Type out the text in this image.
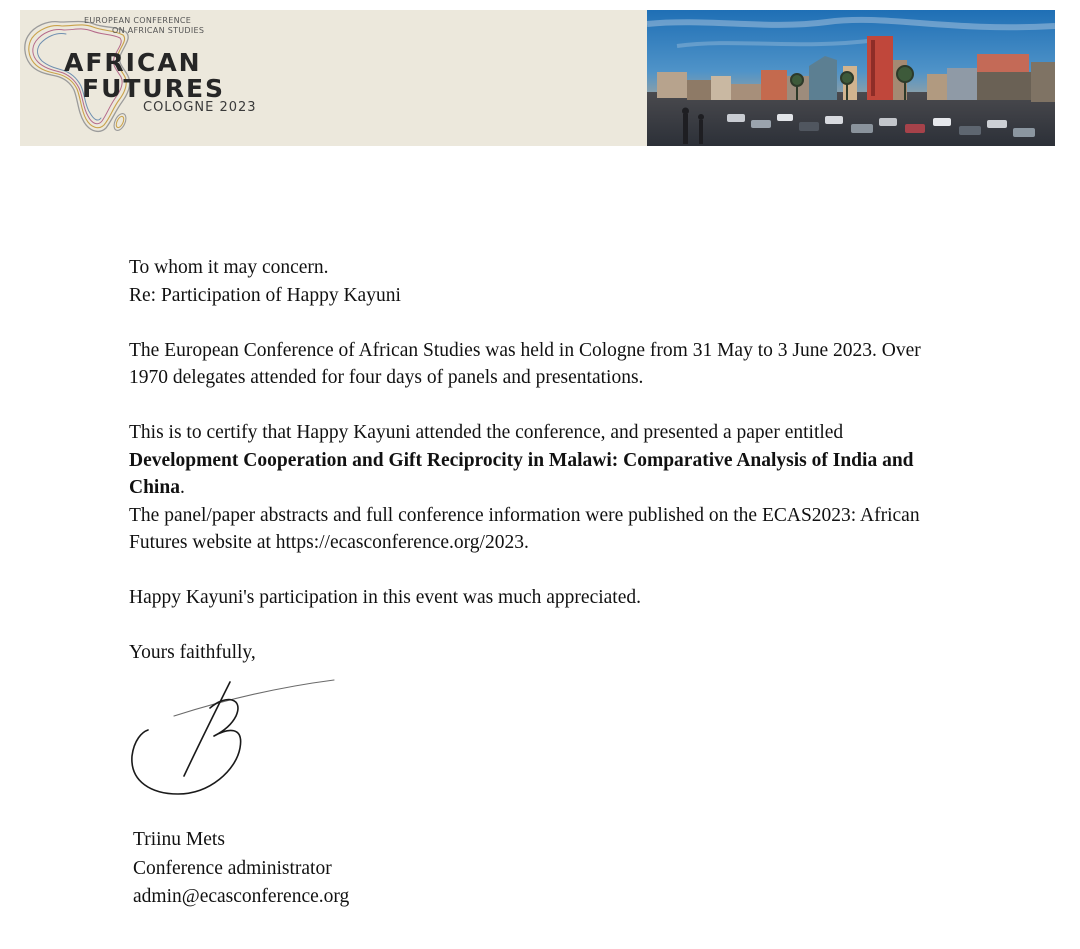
EUROPEAN CONFERENCE
ON AFRICAN STUDIES
AFRICAN
FUTURES
COLOGNE 2023

To whom it may concern.

Re: Participation of Happy Kayuni

The European Conference of African Studies was held in Cologne from 31 May to 3 June 2023. Over 1970 delegates attended for four days of panels and presentations.

This is to certify that Happy Kayuni attended the conference, and presented a paper entitled
Development Cooperation and Gift Reciprocity in Malawi: Comparative Analysis of India and China.

The panel/paper abstracts and full conference information were published on the ECAS2023: African Futures website at https://ecasconference.org/2023.

Happy Kayuni's participation in this event was much appreciated.

Yours faithfully,

Triinu Mets
Conference administrator
admin@ecasconference.org
